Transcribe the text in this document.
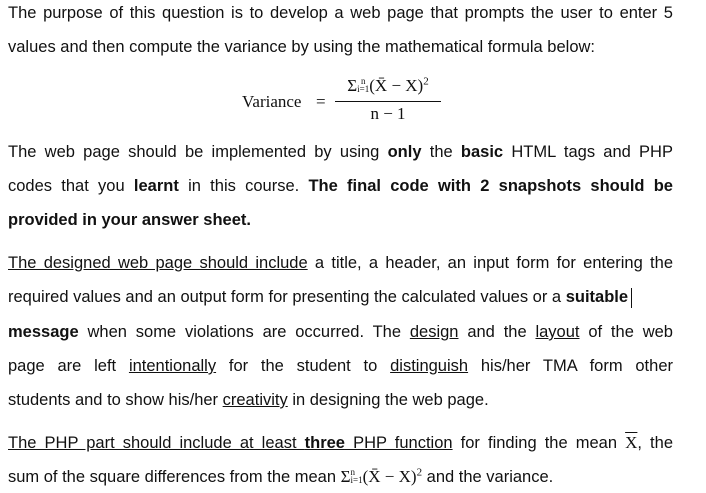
The purpose of this question is to develop a web page that prompts the user to enter 5
values and then compute the variance by using the mathematical formula below:
Variance =
Σ n
i=1 (X̄ − X)$^2$
n − 1
The web page should be implemented by using only the basic HTML tags and PHP
codes that you learnt in this course. The final code with 2 snapshots should be
provided in your answer sheet.
The designed web page should include a title, a header, an input form for entering the
required values and an output form for presenting the calculated values or a suitable
message when some violations are occurred. The design and the layout of the web
page are left intentionally for the student to distinguish his/her TMA form other
students and to show his/her creativity in designing the web page.
The PHP part should include at least three PHP function for finding the mean $\overline{X}$, the
sum of the square differences from the mean Σ n
i=1 (X̄ − X)$^2$ and the variance.
